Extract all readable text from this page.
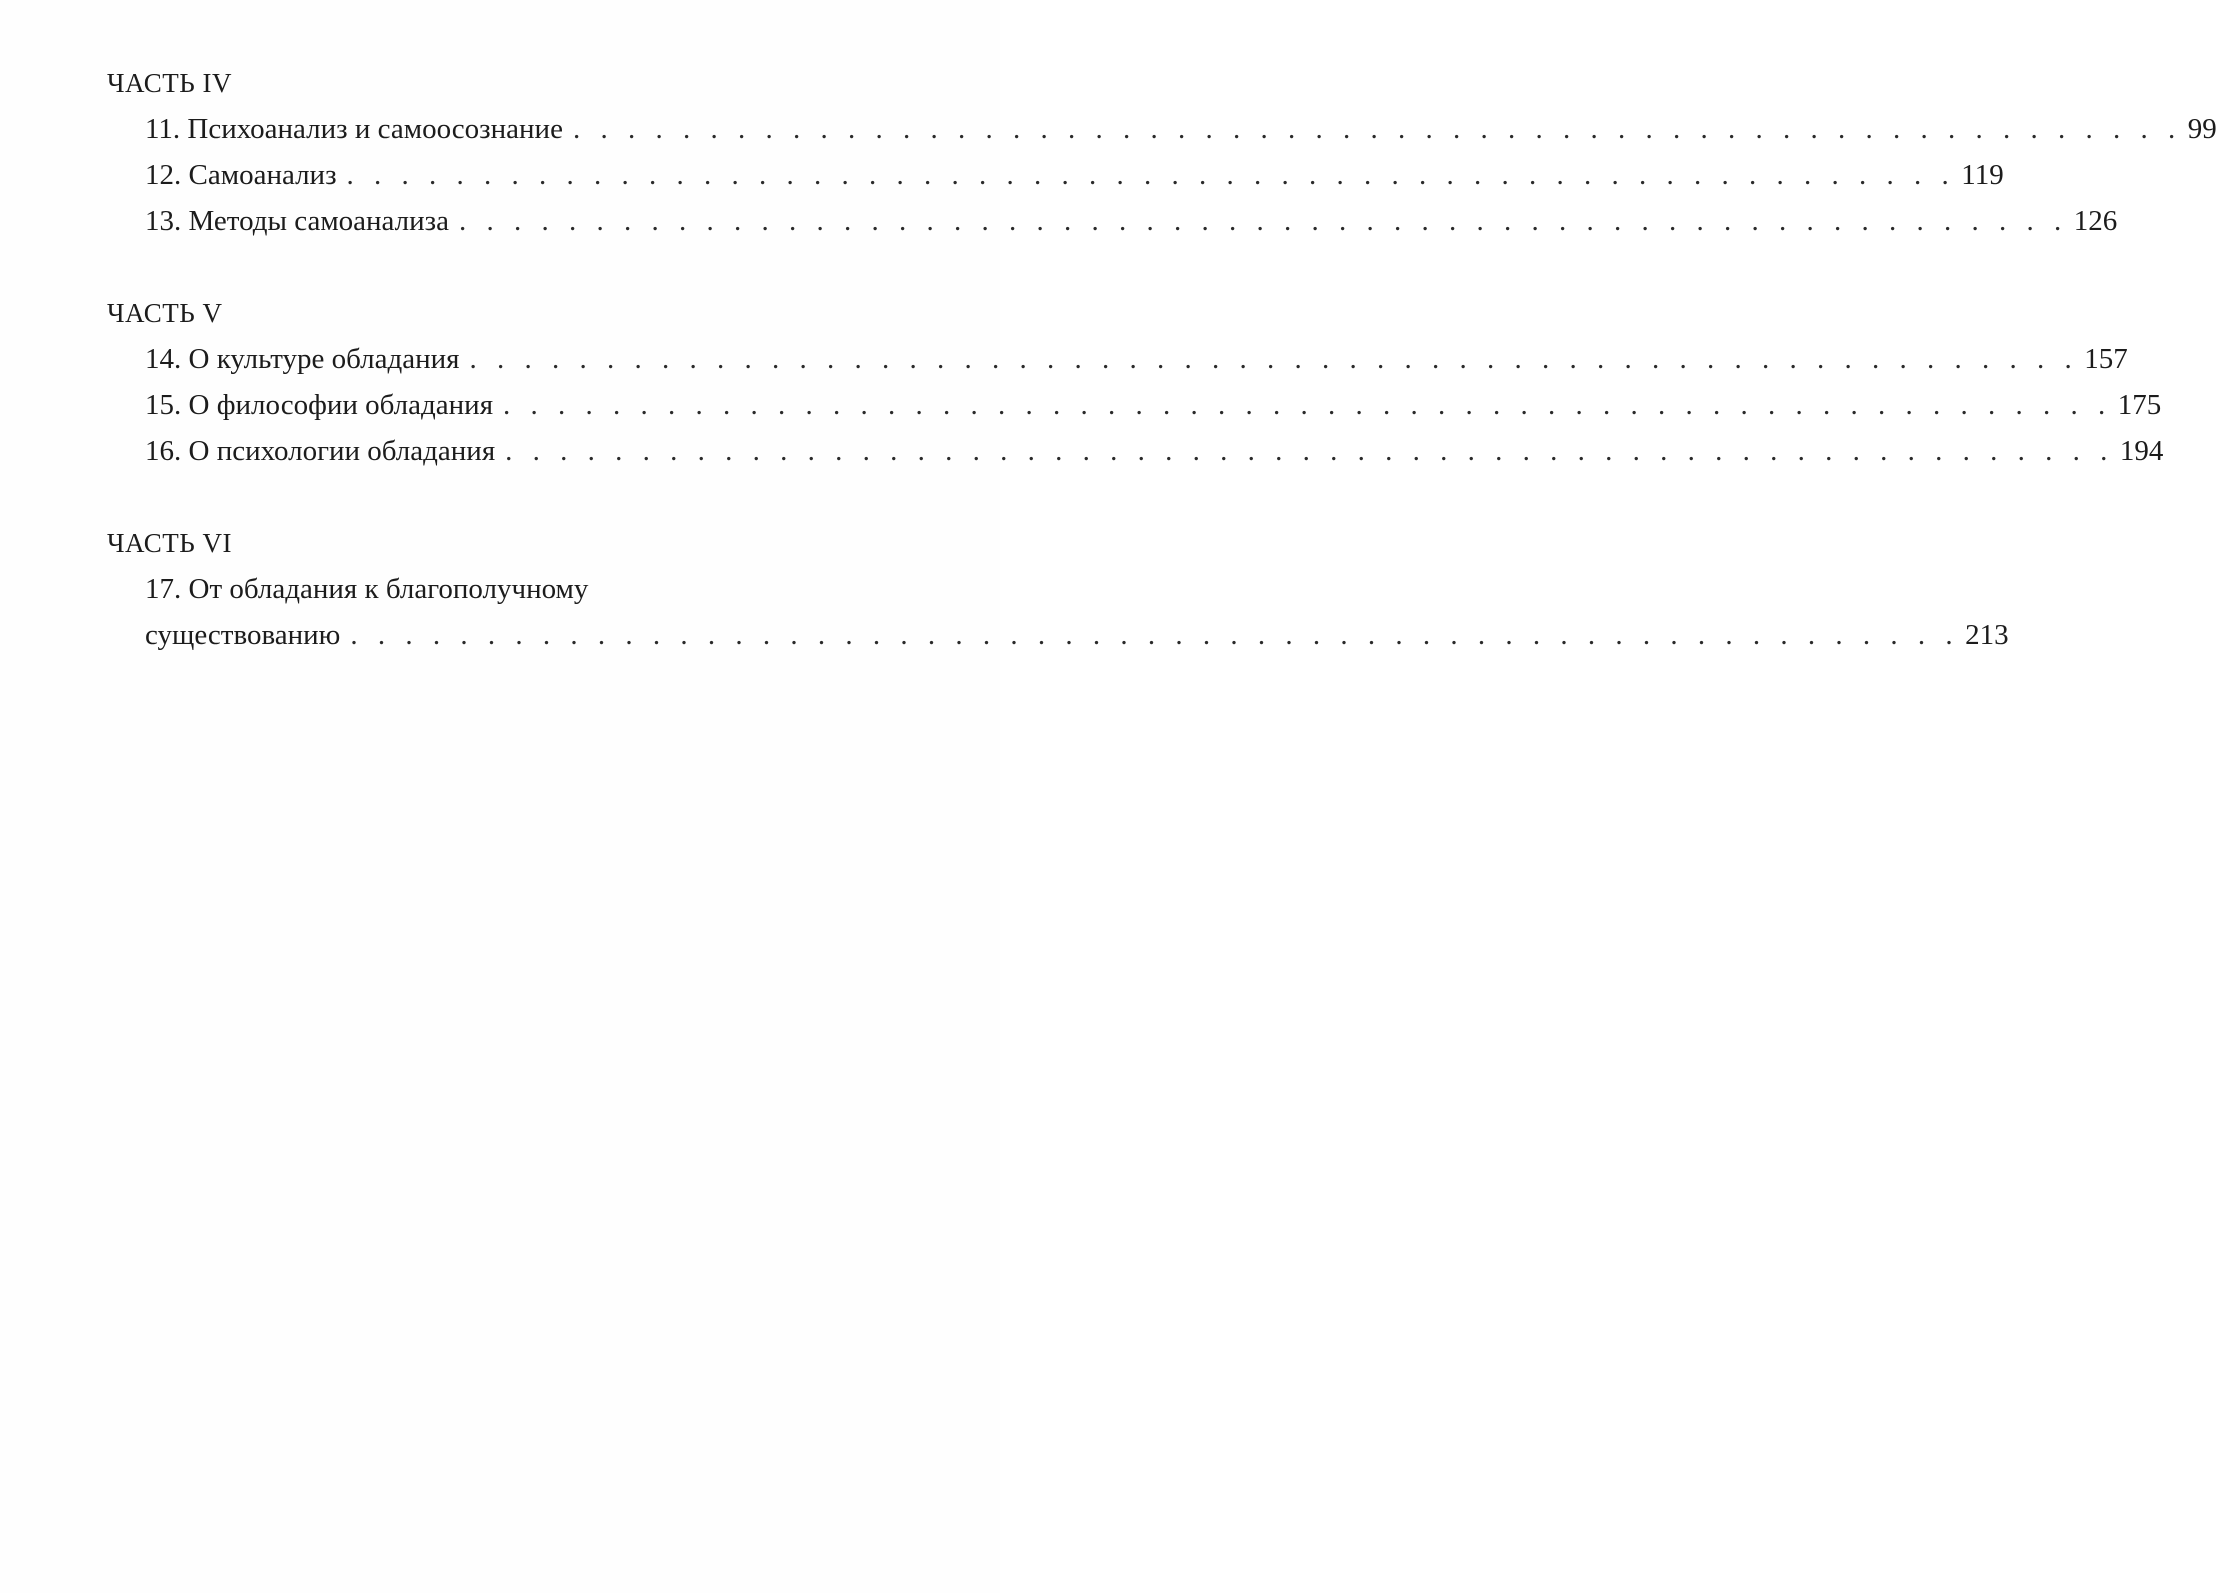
ЧАСТЬ IV
11. Психоанализ и самоосознание . . . . . . . . . . . . . . . . . . . . . . . . . . . . . . . . . . . . . . . . . . . . . . . . . . . . . . . . . . . 99
12. Самоанализ . . . . . . . . . . . . . . . . . . . . . . . . . . . . . . . . . . . . . . . . . . . . . . . . . . . . . . . . . . . 119
13. Методы самоанализа . . . . . . . . . . . . . . . . . . . . . . . . . . . . . . . . . . . . . . . . . . . . . . . . . . . . . . . . . . . 126
ЧАСТЬ V
14. О культуре обладания . . . . . . . . . . . . . . . . . . . . . . . . . . . . . . . . . . . . . . . . . . . . . . . . . . . . . . . . . . . 157
15. О философии обладания . . . . . . . . . . . . . . . . . . . . . . . . . . . . . . . . . . . . . . . . . . . . . . . . . . . . . . . . . . . 175
16. О психологии обладания . . . . . . . . . . . . . . . . . . . . . . . . . . . . . . . . . . . . . . . . . . . . . . . . . . . . . . . . . . . 194
ЧАСТЬ VI
17. От обладания к благополучному
существованию . . . . . . . . . . . . . . . . . . . . . . . . . . . . . . . . . . . . . . . . . . . . . . . . . . . . . . . . . . . 213
